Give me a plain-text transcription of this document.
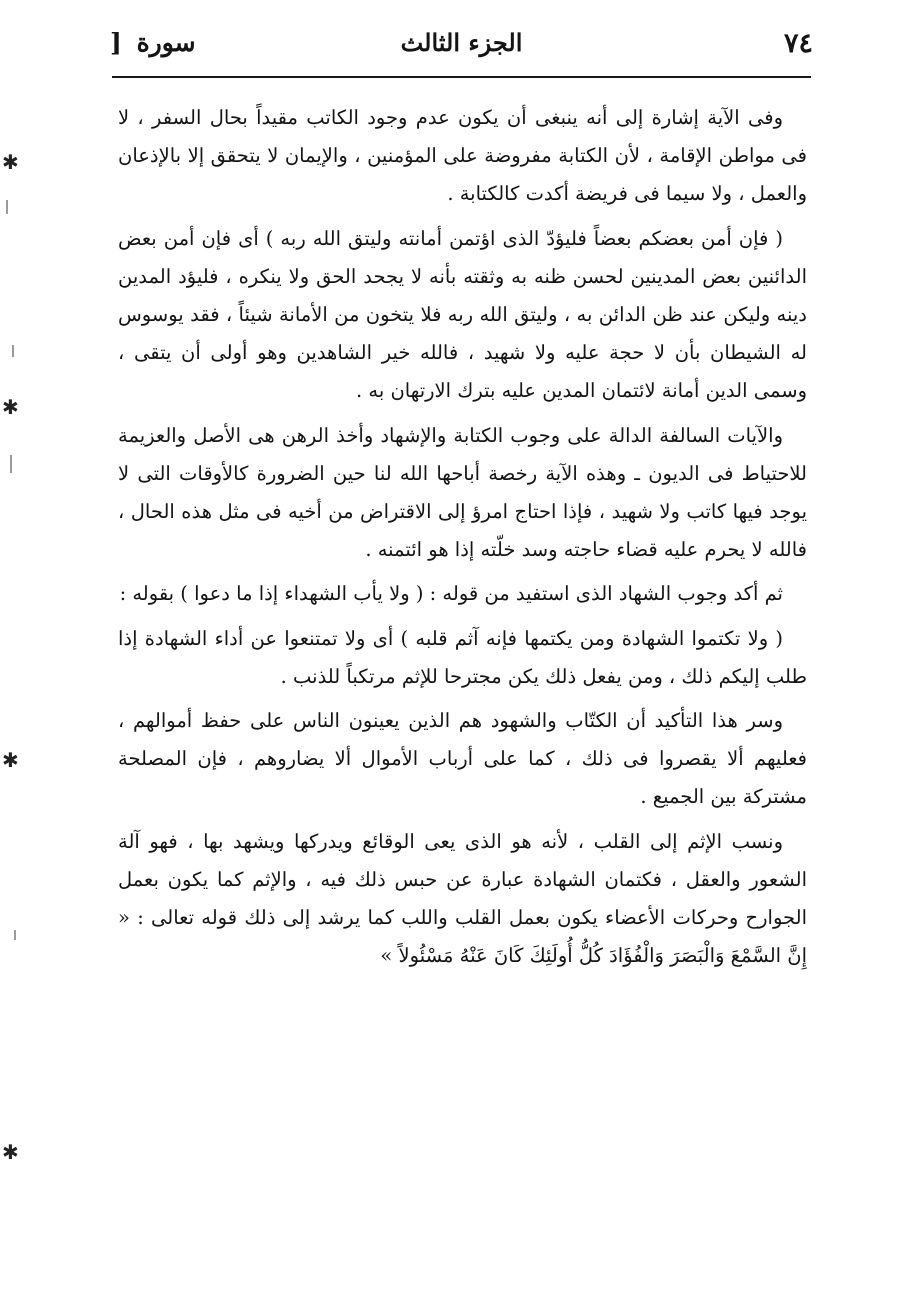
٧٤
الجزء الثالث
سورة [

وفى الآية إشارة إلى أنه ينبغى أن يكون عدم وجود الكاتب مقيداً بحال السفر ، لا فى مواطن الإقامة ، لأن الكتابة مفروضة على المؤمنين ، والإيمان لا يتحقق إلا بالإذعان والعمل ، ولا سيما فى فريضة أكدت كالكتابة .

( فإن أمن بعضكم بعضاً فليؤدّ الذى اؤتمن أمانته وليتق الله ربه ) أى فإن أمن بعض الدائنين بعض المدينين لحسن ظنه به وثقته بأنه لا يجحد الحق ولا ينكره ، فليؤد المدين دينه وليكن عند ظن الدائن به ، وليتق الله ربه فلا يتخون من الأمانة شيئاً ، فقد يوسوس له الشيطان بأن لا حجة عليه ولا شهيد ، فالله خير الشاهدين وهو أولى أن يتقى ، وسمى الدين أمانة لائتمان المدين عليه بترك الارتهان به .

والآيات السالفة الدالة على وجوب الكتابة والإشهاد وأخذ الرهن هى الأصل والعزيمة للاحتياط فى الديون ـ وهذه الآية رخصة أباحها الله لنا حين الضرورة كالأوقات التى لا يوجد فيها كاتب ولا شهيد ، فإذا احتاج امرؤ إلى الاقتراض من أخيه فى مثل هذه الحال ، فالله لا يحرم عليه قضاء حاجته وسد خلّته إذا هو ائتمنه .

ثم أكد وجوب الشهاد الذى استفيد من قوله : ( ولا يأب الشهداء إذا ما دعوا ) بقوله :

( ولا تكتموا الشهادة ومن يكتمها فإنه آثم قلبه ) أى ولا تمتنعوا عن أداء الشهادة إذا طلب إليكم ذلك ، ومن يفعل ذلك يكن مجترحا للإثم مرتكباً للذنب .

وسر هذا التأكيد أن الكتّاب والشهود هم الذين يعينون الناس على حفظ أموالهم ، فعليهم ألا يقصروا فى ذلك ، كما على أرباب الأموال ألا يضاروهم ، فإن المصلحة مشتركة بين الجميع .

ونسب الإثم إلى القلب ، لأنه هو الذى يعى الوقائع ويدركها ويشهد بها ، فهو آلة الشعور والعقل ، فكتمان الشهادة عبارة عن حبس ذلك فيه ، والإثم كما يكون بعمل الجوارح وحركات الأعضاء يكون بعمل القلب واللب كما يرشد إلى ذلك قوله تعالى : « إِنَّ السَّمْعَ وَالْبَصَرَ وَالْفُؤَادَ كُلُّ أُولَئِكَ كَانَ عَنْهُ مَسْئُولاً »

✱
✱
✱
✱
